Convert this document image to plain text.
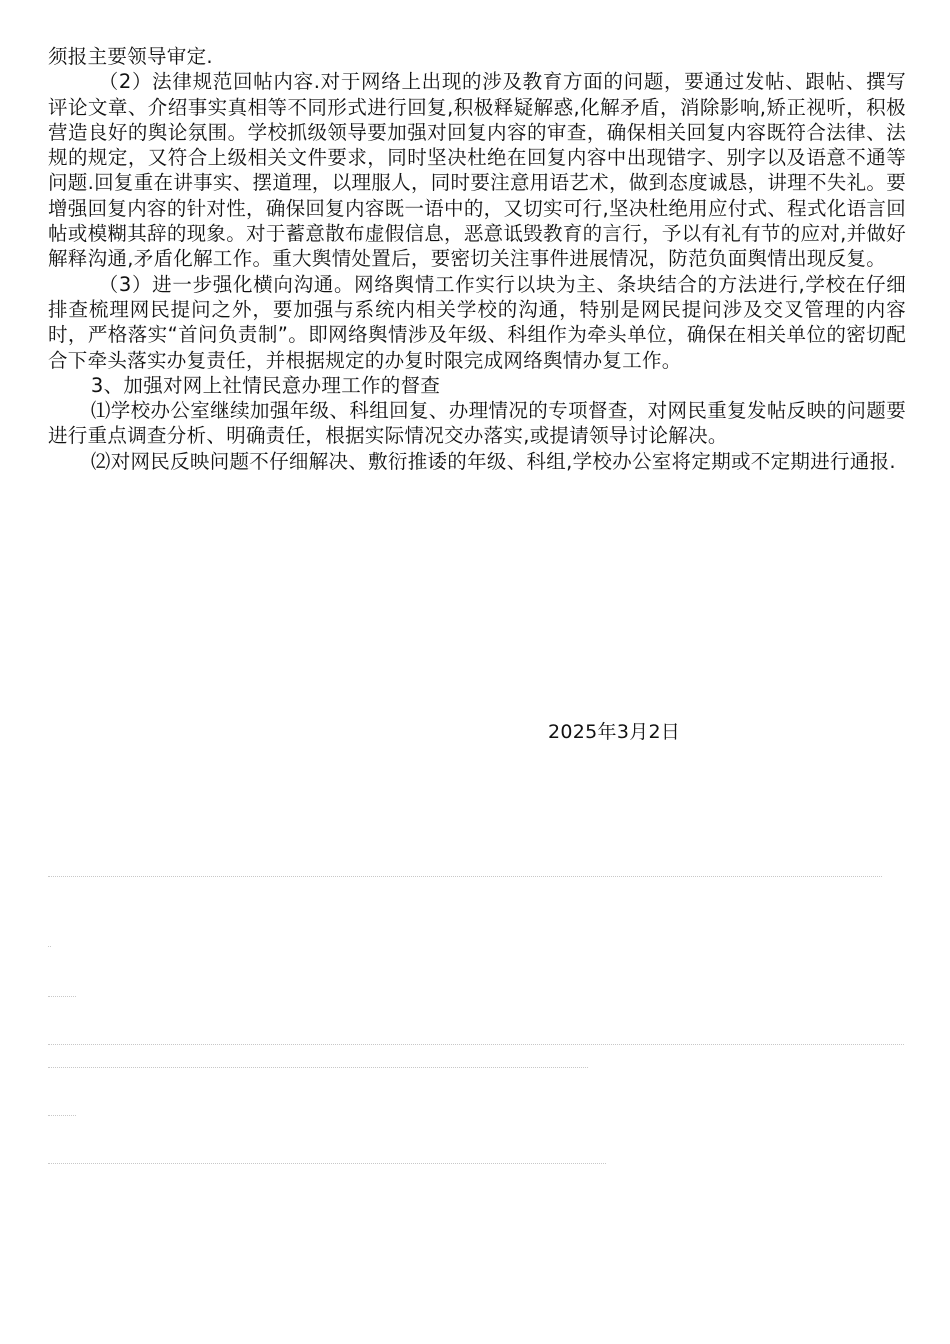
须报主要领导审定.

（2）法律规范回帖内容.对于网络上出现的涉及教育方面的问题，要通过发帖、跟帖、撰写评论文章、介绍事实真相等不同形式进行回复,积极释疑解惑,化解矛盾，消除影响,矫正视听，积极营造良好的舆论氛围。学校抓级领导要加强对回复内容的审查，确保相关回复内容既符合法律、法规的规定，又符合上级相关文件要求，同时坚决杜绝在回复内容中出现错字、别字以及语意不通等问题.回复重在讲事实、摆道理，以理服人，同时要注意用语艺术，做到态度诚恳，讲理不失礼。要增强回复内容的针对性，确保回复内容既一语中的，又切实可行,坚决杜绝用应付式、程式化语言回帖或模糊其辞的现象。对于蓄意散布虚假信息，恶意诋毁教育的言行，予以有礼有节的应对,并做好解释沟通,矛盾化解工作。重大舆情处置后，要密切关注事件进展情况，防范负面舆情出现反复。

（3）进一步强化横向沟通。网络舆情工作实行以块为主、条块结合的方法进行,学校在仔细排查梳理网民提问之外，要加强与系统内相关学校的沟通，特别是网民提问涉及交叉管理的内容时，严格落实“首问负责制”。即网络舆情涉及年级、科组作为牵头单位，确保在相关单位的密切配合下牵头落实办复责任，并根据规定的办复时限完成网络舆情办复工作。

3、加强对网上社情民意办理工作的督查

⑴学校办公室继续加强年级、科组回复、办理情况的专项督查，对网民重复发帖反映的问题要进行重点调查分析、明确责任，根据实际情况交办落实,或提请领导讨论解决。

⑵对网民反映问题不仔细解决、敷衍推诿的年级、科组,学校办公室将定期或不定期进行通报.

2025年3月2日
